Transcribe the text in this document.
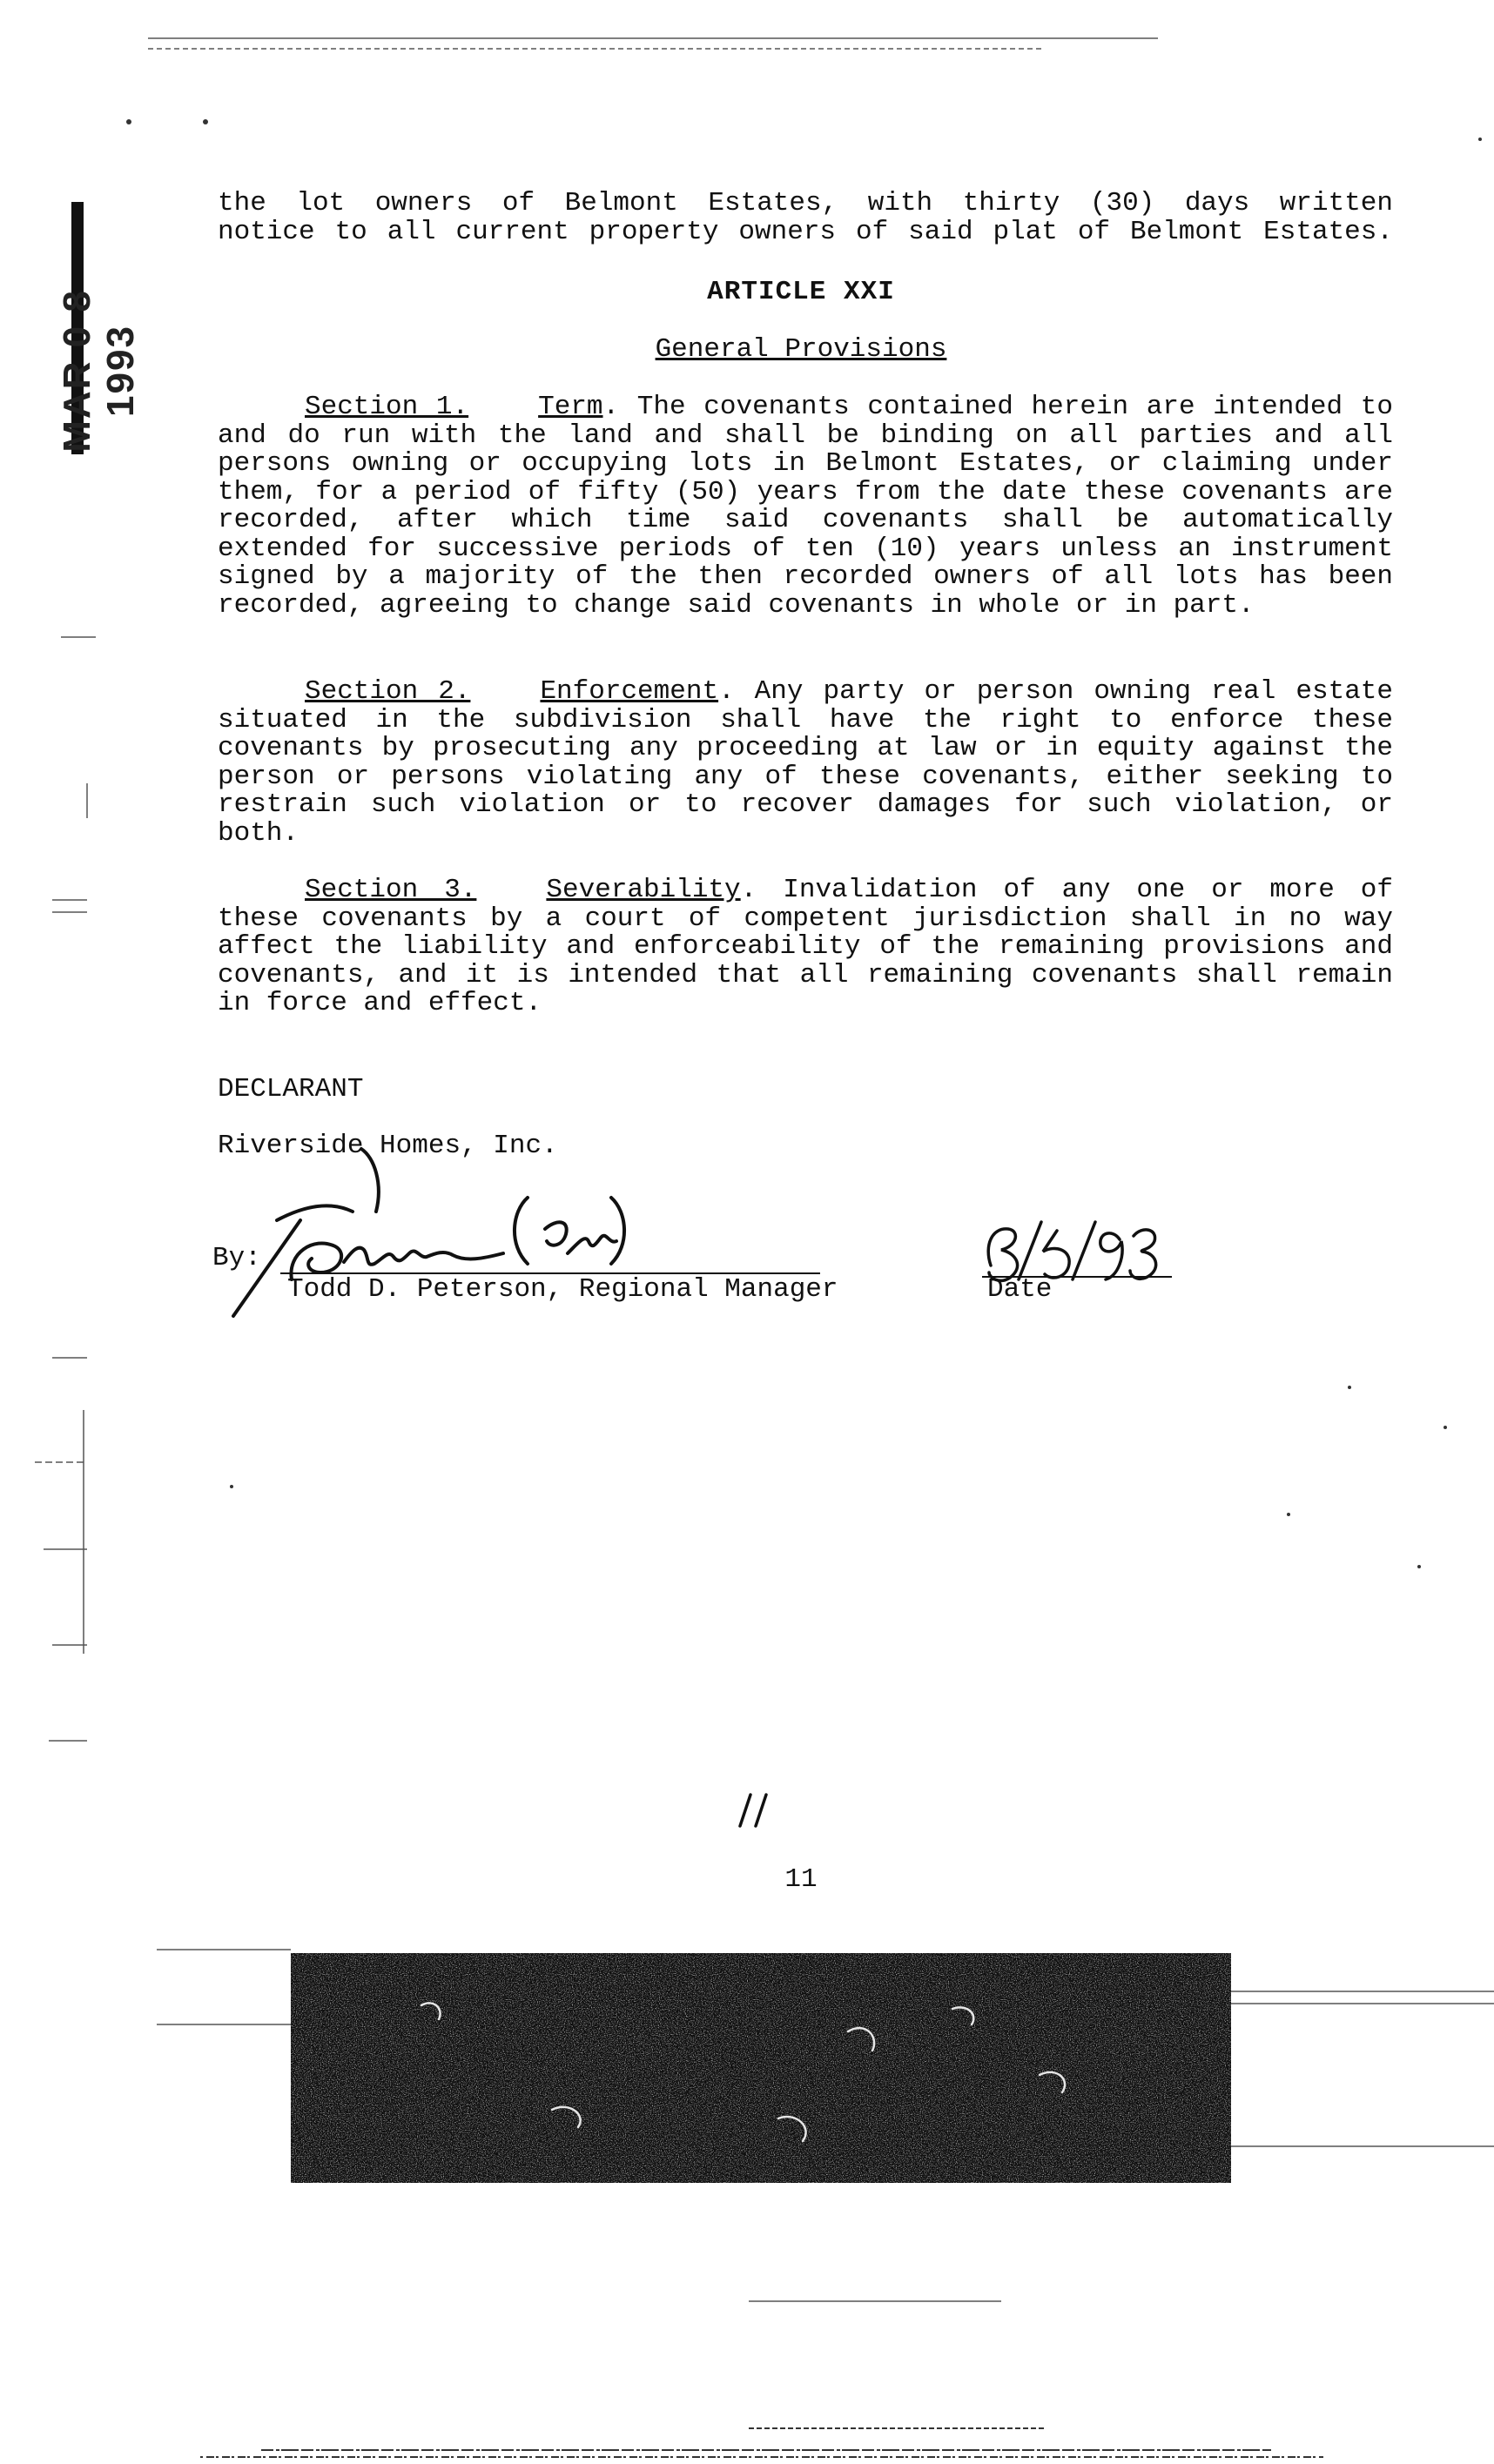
MAR 0 8 1993
the lot owners of Belmont Estates, with thirty (30) days written
notice to all current property owners of said plat of Belmont Estates.
ARTICLE XXI
General Provisions

Section 1.	Term. The covenants contained herein are intended to and do run with the land and shall be binding on all parties and all persons owning or occupying lots in Belmont Estates, or claiming under them, for a period of fifty (50) years from the date these covenants are recorded, after which time said covenants shall be automatically extended for successive periods of ten (10) years unless an instrument signed by a majority of the then recorded owners of all lots has been recorded, agreeing to change said covenants in whole or in part.

Section 2.	Enforcement. Any party or person owning real estate situated in the subdivision shall have the right to enforce these covenants by prosecuting any proceeding at law or in equity against the person or persons violating any of these covenants, either seeking to restrain such violation or to recover damages for such violation, or both.

Section 3.	Severability. Invalidation of any one or more of these covenants by a court of competent jurisdiction shall in no way affect the liability and enforceability of the remaining provisions and covenants, and it is intended that all remaining covenants shall remain in force and effect.

DECLARANT
Riverside Homes, Inc.
By:
Todd D. Peterson, Regional Manager	Date
11
